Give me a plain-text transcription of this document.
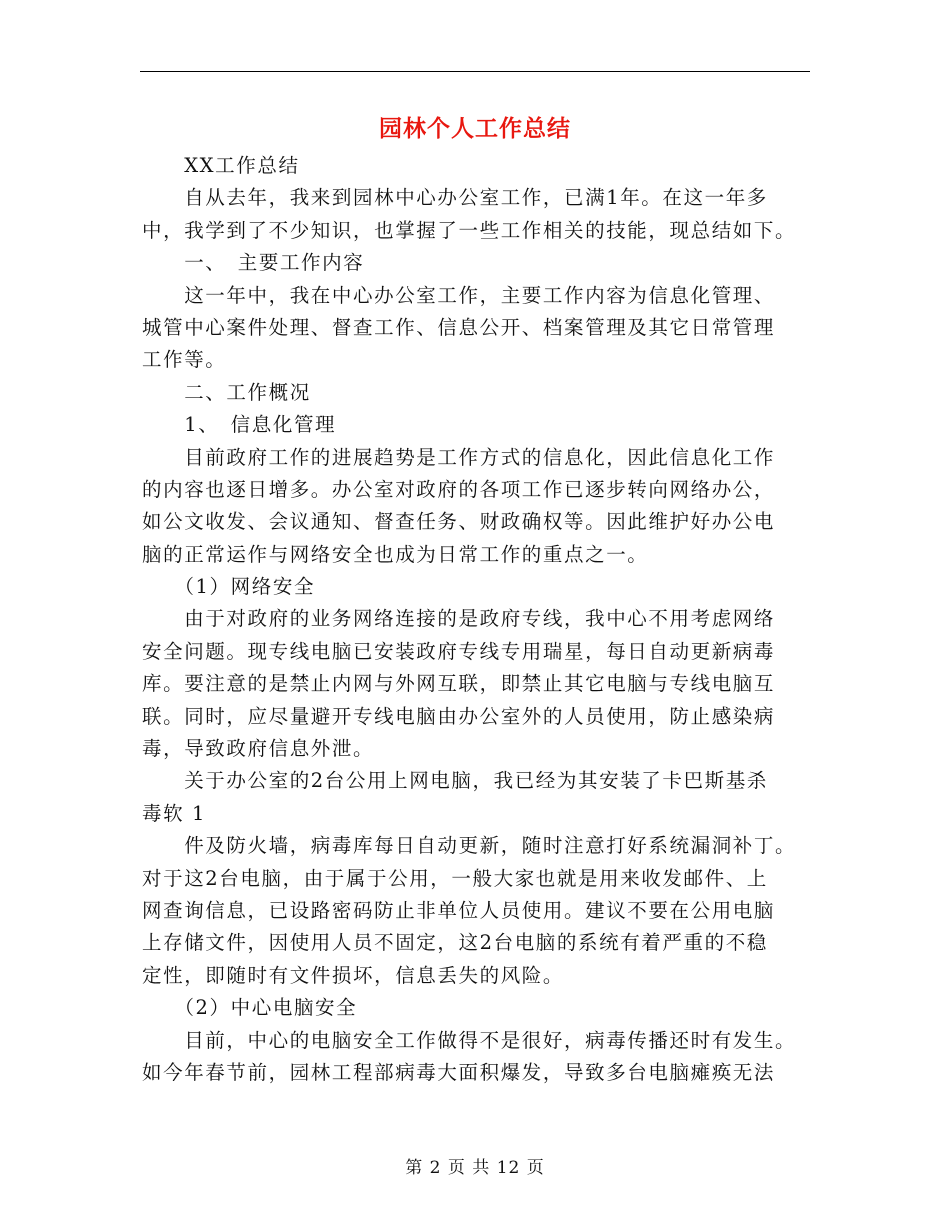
园林个人工作总结
　　XX工作总结
　　自从去年，我来到园林中心办公室工作，已满1年。在这一年多
中，我学到了不少知识，也掌握了一些工作相关的技能，现总结如下。
　　一、　主要工作内容
　　这一年中，我在中心办公室工作，主要工作内容为信息化管理、
城管中心案件处理、督查工作、信息公开、档案管理及其它日常管理
工作等。
　　二、工作概况
　　1、　信息化管理
　　目前政府工作的进展趋势是工作方式的信息化，因此信息化工作
的内容也逐日增多。办公室对政府的各项工作已逐步转向网络办公，
如公文收发、会议通知、督查任务、财政确权等。因此维护好办公电
脑的正常运作与网络安全也成为日常工作的重点之一。
　　（1）网络安全
　　由于对政府的业务网络连接的是政府专线，我中心不用考虑网络
安全问题。现专线电脑已安装政府专线专用瑞星，每日自动更新病毒
库。要注意的是禁止内网与外网互联，即禁止其它电脑与专线电脑互
联。同时，应尽量避开专线电脑由办公室外的人员使用，防止感染病
毒，导致政府信息外泄。
　　关于办公室的2台公用上网电脑，我已经为其安装了卡巴斯基杀
毒软 1
　　件及防火墙，病毒库每日自动更新，随时注意打好系统漏洞补丁。
对于这2台电脑，由于属于公用，一般大家也就是用来收发邮件、上
网查询信息，已设路密码防止非单位人员使用。建议不要在公用电脑
上存储文件，因使用人员不固定，这2台电脑的系统有着严重的不稳
定性，即随时有文件损坏，信息丢失的风险。
　　（2）中心电脑安全
　　目前，中心的电脑安全工作做得不是很好，病毒传播还时有发生。
如今年春节前，园林工程部病毒大面积爆发，导致多台电脑瘫痪无法
第 2 页 共 12 页
